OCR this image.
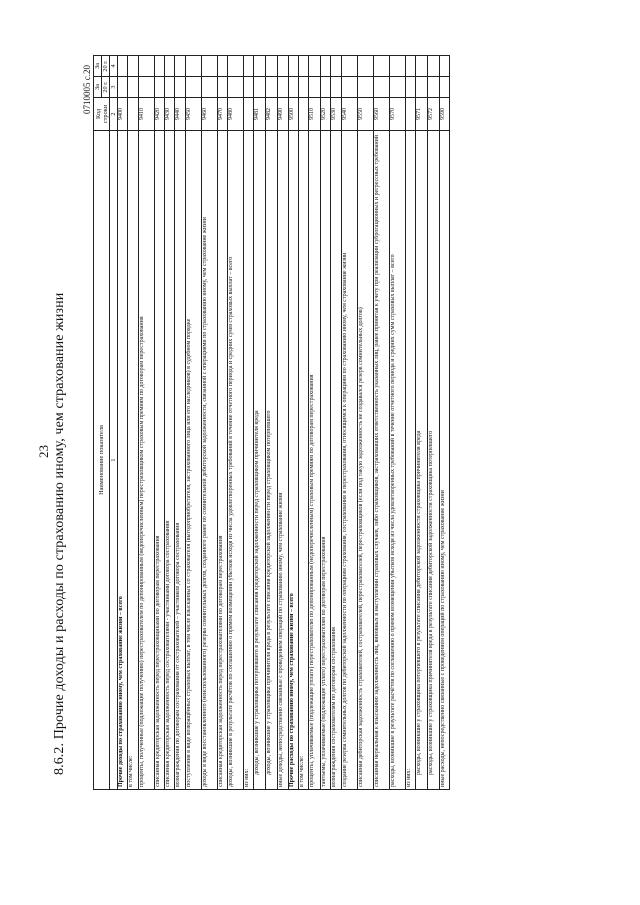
23 8.6.2. Прочие доходы и расходы по страхованию иному, чем страхование жизни
0710005 с.20
Наименование показателя	Код строки	За	За
		20 г.	20 г.
1	2	3	4
Прочие доходы по страхованию иному, чем страхование жизни – всего	9400		
в том числе:			
проценты, полученные (подлежащие получению) перестрахователем по депонированным (недоперечисленным) перестраховщиком страховым премиям по договорам перестрахования	9410		
списанная кредиторская задолженность перед перестраховщиками по договорам перестрахования	9420		
списанная кредиторская задолженность перед сострахователями - участниками договора сострахования	9430		
вознаграждения по договорам сострахования от сострахователей – участников договора сострахования	9440		
поступления в виде возвращённых страховых выплат, в том числе взысканных со страхователя (выгодоприобретателя, застрахованного лица или его наследников) в судебном порядке	9450		
доходы в виде восстановленного (неиспользованного) резерва сомнительных долгов, созданного ранее по сомнительной дебиторской задолженности, связанной с операциями по страхованию иному, чем страхование жизни	9460		
списанная кредиторская задолженность перед перестрахователями по договорам перестрахования	9470		
доходы, возникшие в результате расчётов по соглашению о прямом возмещении убытков исходя из числа удовлетворенных требований в течение отчетного периода и средних сумм страховых выплат – всего	9480		
из них:			
доходы, возникшие у страховщика потерпевшего в результате списания кредиторской задолженности перед страховщиком причинителя вреда	9481		
доходы, возникшие у страховщика причинителя вреда в результате списания кредиторской задолженности перед страховщиком потерпевшего	9482		
иные доходы, непосредственно связанные с проведением операций по страхованию иному, чем страхование жизни	9490		
Прочие расходы по страхованию иному, чем страхование жизни – всего	9500		
в том числе:			
проценты, уплачиваемые (подлежащие уплате) перестрахователю по депонированным (недоперечисленным) страховым премиям по договорам перестрахования	9510		
тантьемы, уплачиваемые (подлежащие уплате) перестрахователям по договорам перестрахования	9520		
вознаграждения сострахователям по договорам сострахования	9530		
создание резерва сомнительных долгов по дебиторской задолженности по операциям страхования, сострахования и перестрахования, относящимся к операциям по страхованию иному, чем страхование жизни	9540		
списанная дебиторская задолженность страхователей, сострахователей, перестрахователей, перестраховщиков (если под такую задолженность не создавался резерв сомнительных долгов)	9550		
списанная нереальная к взысканию задолженность лиц, виновных в наступлении страховых случаев, либо страховщиков, застраховавших ответственность указанных лиц, ранее принятая к учету при реализации суброгационных и регрессных требований	9560		
расходы, возникшие в результате расчётов по соглашению о прямом возмещении убытков исходя из числа удовлетворенных требований в течение отчетного периода и средних сумм страховых выплат – всего	9570		
из них:			
расходы, возникшие у страховщика потерпевшего в результате списания дебиторской задолженности страховщика причинителя вреда	9571		
расходы, возникшие у страховщика причинителя вреда в результате списания дебиторской задолженности страховщика потерпевшего	9572		
иные расходы, непосредственно связанные с проведением операций по страхованию иному, чем страхование жизни	9590		
